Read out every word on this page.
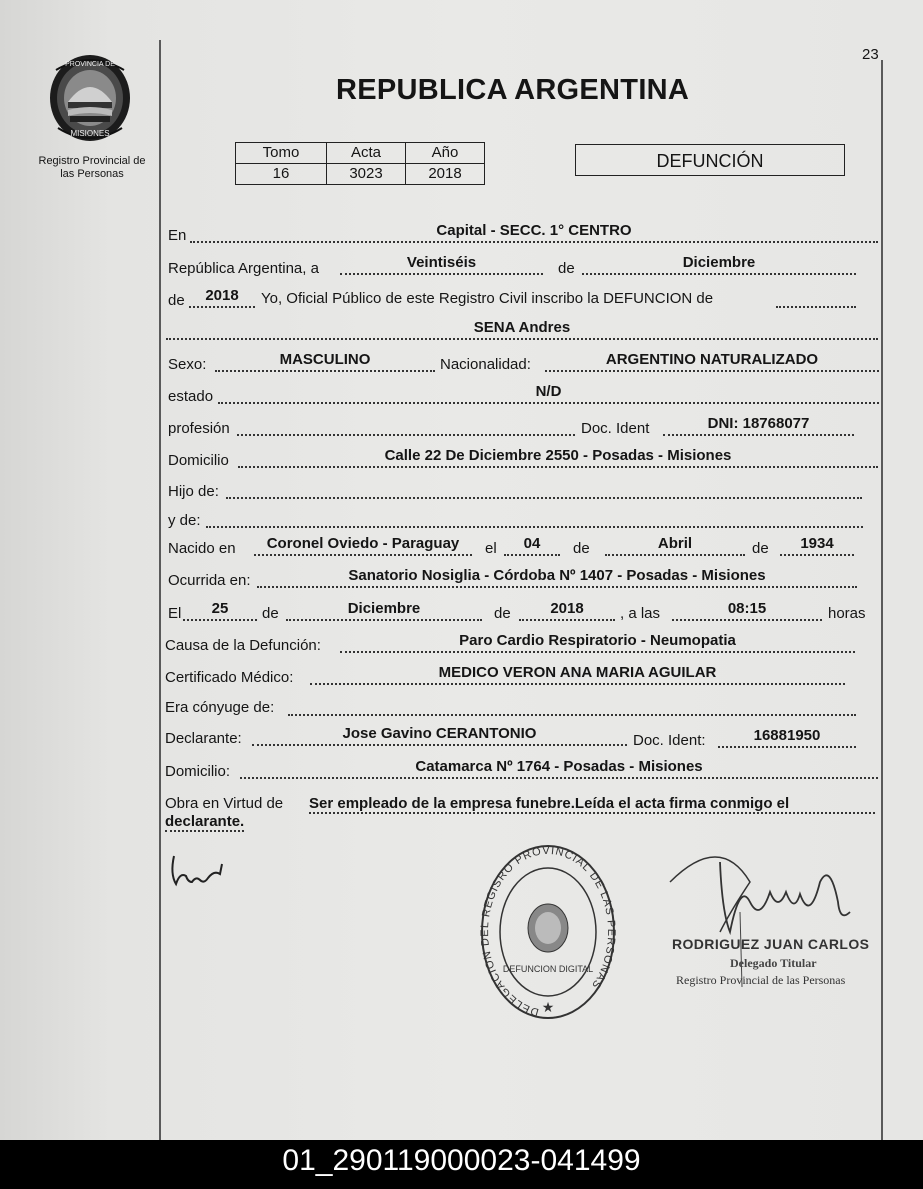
23
PROVINCIA DE
MISIONES
Registro Provincial de
las Personas
REPUBLICA ARGENTINA
Tomo	Acta	Año
16	3023	2018
DEFUNCIÓN
En	Capital - SECC. 1° CENTRO
República Argentina, a	Veintiséis	de	Diciembre
de	2018	Yo, Oficial Público de este Registro Civil inscribo la DEFUNCION de
SENA Andres
Sexo:	MASCULINO	Nacionalidad:	ARGENTINO NATURALIZADO
estado	N/D
profesión	Doc. Ident	DNI: 18768077
Domicilio	Calle 22 De Diciembre 2550 - Posadas - Misiones
Hijo de:
y de:
Nacido en	Coronel Oviedo - Paraguay	el	04	de	Abril	de	1934
Ocurrida en:	Sanatorio Nosiglia - Córdoba Nº 1407 - Posadas - Misiones
El	25	de	Diciembre	de	2018	, a las	08:15	horas
Causa de la Defunción:	Paro Cardio Respiratorio - Neumopatia
Certificado Médico:	MEDICO VERON ANA MARIA AGUILAR
Era cónyuge de:
Declarante:	Jose Gavino CERANTONIO	Doc. Ident:	16881950
Domicilio:	Catamarca Nº 1764 - Posadas - Misiones
Obra en Virtud de Ser empleado de la empresa funebre.Leída el acta firma conmigo el
declarante.
DELEGACION DEL REGISRO PROVINCIAL DE LAS PERSONAS
DEFUNCION DIGITAL
★
RODRIGUEZ JUAN CARLOS
Delegado Titular
Registro Provincial de las Personas
01_290119000023-041499
